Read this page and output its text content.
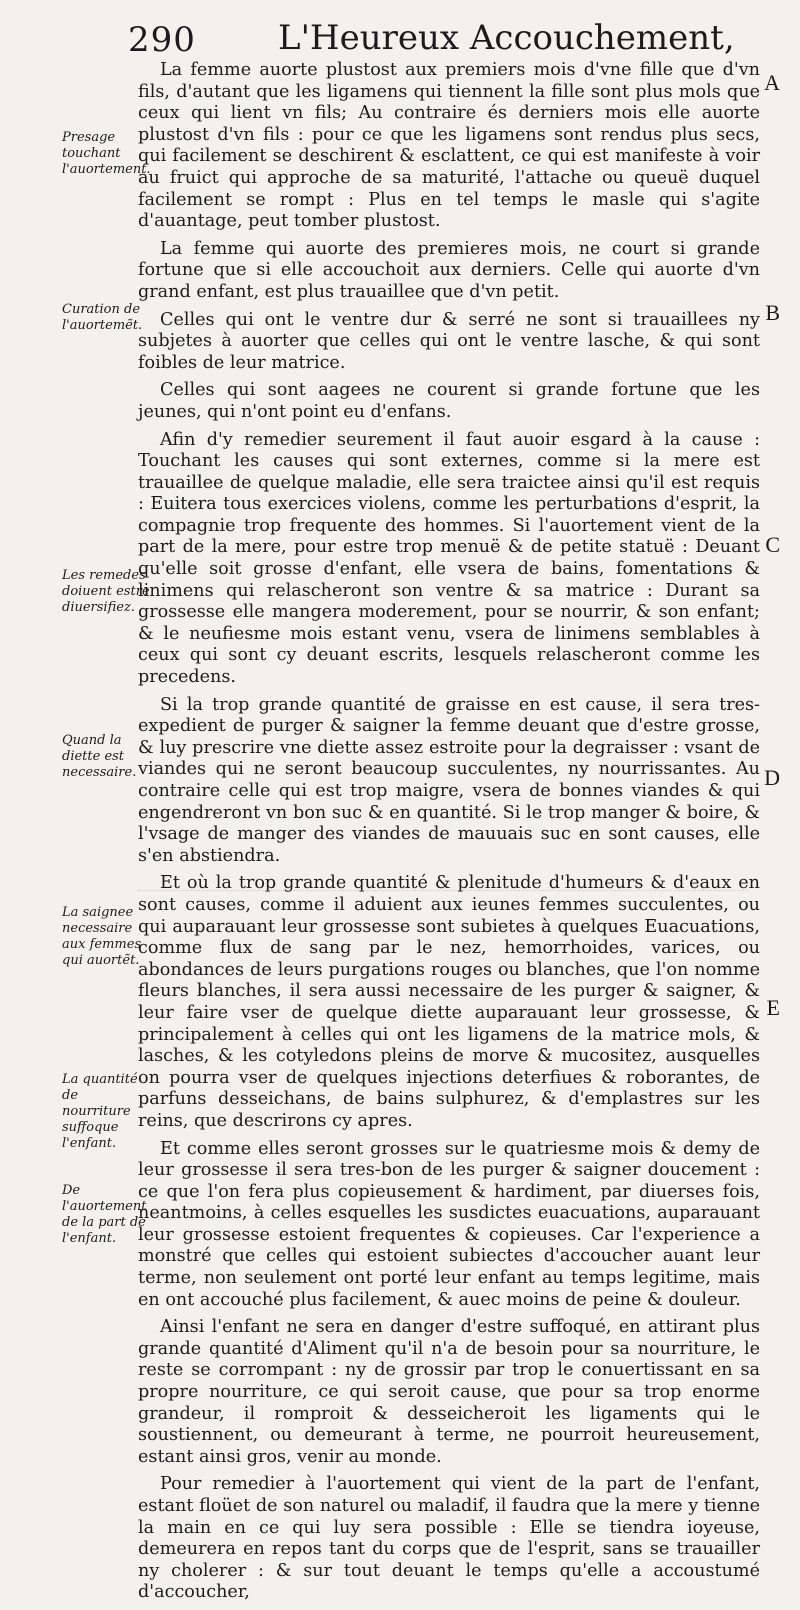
290 L'Heureux Accouchement,

La femme auorte plustost aux premiers mois d'vne fille que d'vn fils, d'autant que les ligamens qui tiennent la fille sont plus mols que ceux qui lient vn fils; Au contraire és derniers mois elle auorte plustost d'vn fils : pour ce que les ligamens sont rendus plus secs, qui facilement se deschirent & esclattent, ce qui est manifeste à voir au fruict qui approche de sa maturité, l'attache ou queuë duquel facilement se rompt : Plus en tel temps le masle qui s'agite d'auantage, peut tomber plustost.

La femme qui auorte des premieres mois, ne court si grande fortune que si elle accouchoit aux derniers. Celle qui auorte d'vn grand enfant, est plus trauaillee que d'vn petit.

Celles qui ont le ventre dur & serré ne sont si trauaillees ny subjetes à auorter que celles qui ont le ventre lasche, & qui sont foibles de leur matrice.

Celles qui sont aagees ne courent si grande fortune que les jeunes, qui n'ont point eu d'enfans.

Afin d'y remedier seurement il faut auoir esgard à la cause : Touchant les causes qui sont externes, comme si la mere est trauaillee de quelque maladie, elle sera traictee ainsi qu'il est requis : Euitera tous exercices violens, comme les perturbations d'esprit, la compagnie trop frequente des hommes. Si l'auortement vient de la part de la mere, pour estre trop menuë & de petite statuë : Deuant qu'elle soit grosse d'enfant, elle vsera de bains, fomentations & linimens qui relascheront son ventre & sa matrice : Durant sa grossesse elle mangera moderement, pour se nourrir, & son enfant; & le neufiesme mois estant venu, vsera de linimens semblables à ceux qui sont cy deuant escrits, lesquels relascheront comme les precedens.

Si la trop grande quantité de graisse en est cause, il sera tres-expedient de purger & saigner la femme deuant que d'estre grosse, & luy prescrire vne diette assez estroite pour la degraisser : vsant de viandes qui ne seront beaucoup succulentes, ny nourrissantes. Au contraire celle qui est trop maigre, vsera de bonnes viandes & qui engendreront vn bon suc & en quantité. Si le trop manger & boire, & l'vsage de manger des viandes de mauuais suc en sont causes, elle s'en abstiendra.

Et où la trop grande quantité & plenitude d'humeurs & d'eaux en sont causes, comme il aduient aux ieunes femmes succulentes, ou qui auparauant leur grossesse sont subietes à quelques Euacuations, comme flux de sang par le nez, hemorrhoides, varices, ou abondances de leurs purgations rouges ou blanches, que l'on nomme fleurs blanches, il sera aussi necessaire de les purger & saigner, & leur faire vser de quelque diette auparauant leur grossesse, & principalement à celles qui ont les ligamens de la matrice mols, & lasches, & les cotyledons pleins de morve & mucositez, ausquelles on pourra vser de quelques injections deterfiues & roborantes, de parfuns desseichans, de bains sulphurez, & d'emplastres sur les reins, que descrirons cy apres.

Et comme elles seront grosses sur le quatriesme mois & demy de leur grossesse il sera tres-bon de les purger & saigner doucement : ce que l'on fera plus copieusement & hardiment, par diuerses fois, neantmoins, à celles esquelles les susdictes euacuations, auparauant leur grossesse estoient frequentes & copieuses. Car l'experience a monstré que celles qui estoient subiectes d'accoucher auant leur terme, non seulement ont porté leur enfant au temps legitime, mais en ont accouché plus facilement, & auec moins de peine & douleur.

Ainsi l'enfant ne sera en danger d'estre suffoqué, en attirant plus grande quantité d'Aliment qu'il n'a de besoin pour sa nourriture, le reste se corrompant : ny de grossir par trop le conuertissant en sa propre nourriture, ce qui seroit cause, que pour sa trop enorme grandeur, il romproit & desseicheroit les ligaments qui le soustiennent, ou demeurant à terme, ne pourroit heureusement, estant ainsi gros, venir au monde.

Pour remedier à l'auortement qui vient de la part de l'enfant, estant floüet de son naturel ou maladif, il faudra que la mere y tienne la main en ce qui luy sera possible : Elle se tiendra ioyeuse, demeurera en repos tant du corps que de l'esprit, sans se trauailler ny cholerer : & sur tout deuant le temps qu'elle a accoustumé d'accoucher,

Presage touchant l'auortement.
Curation de l'auortemẽt.
Les remedes doiuent estre diuersifiez.
Quand la diette est necessaire.
La saignee necessaire aux femmes qui auortẽt.
La quantité de nourriture suffoque l'enfant.
De l'auortement de la part de l'enfant.
A
B
C
D
E
